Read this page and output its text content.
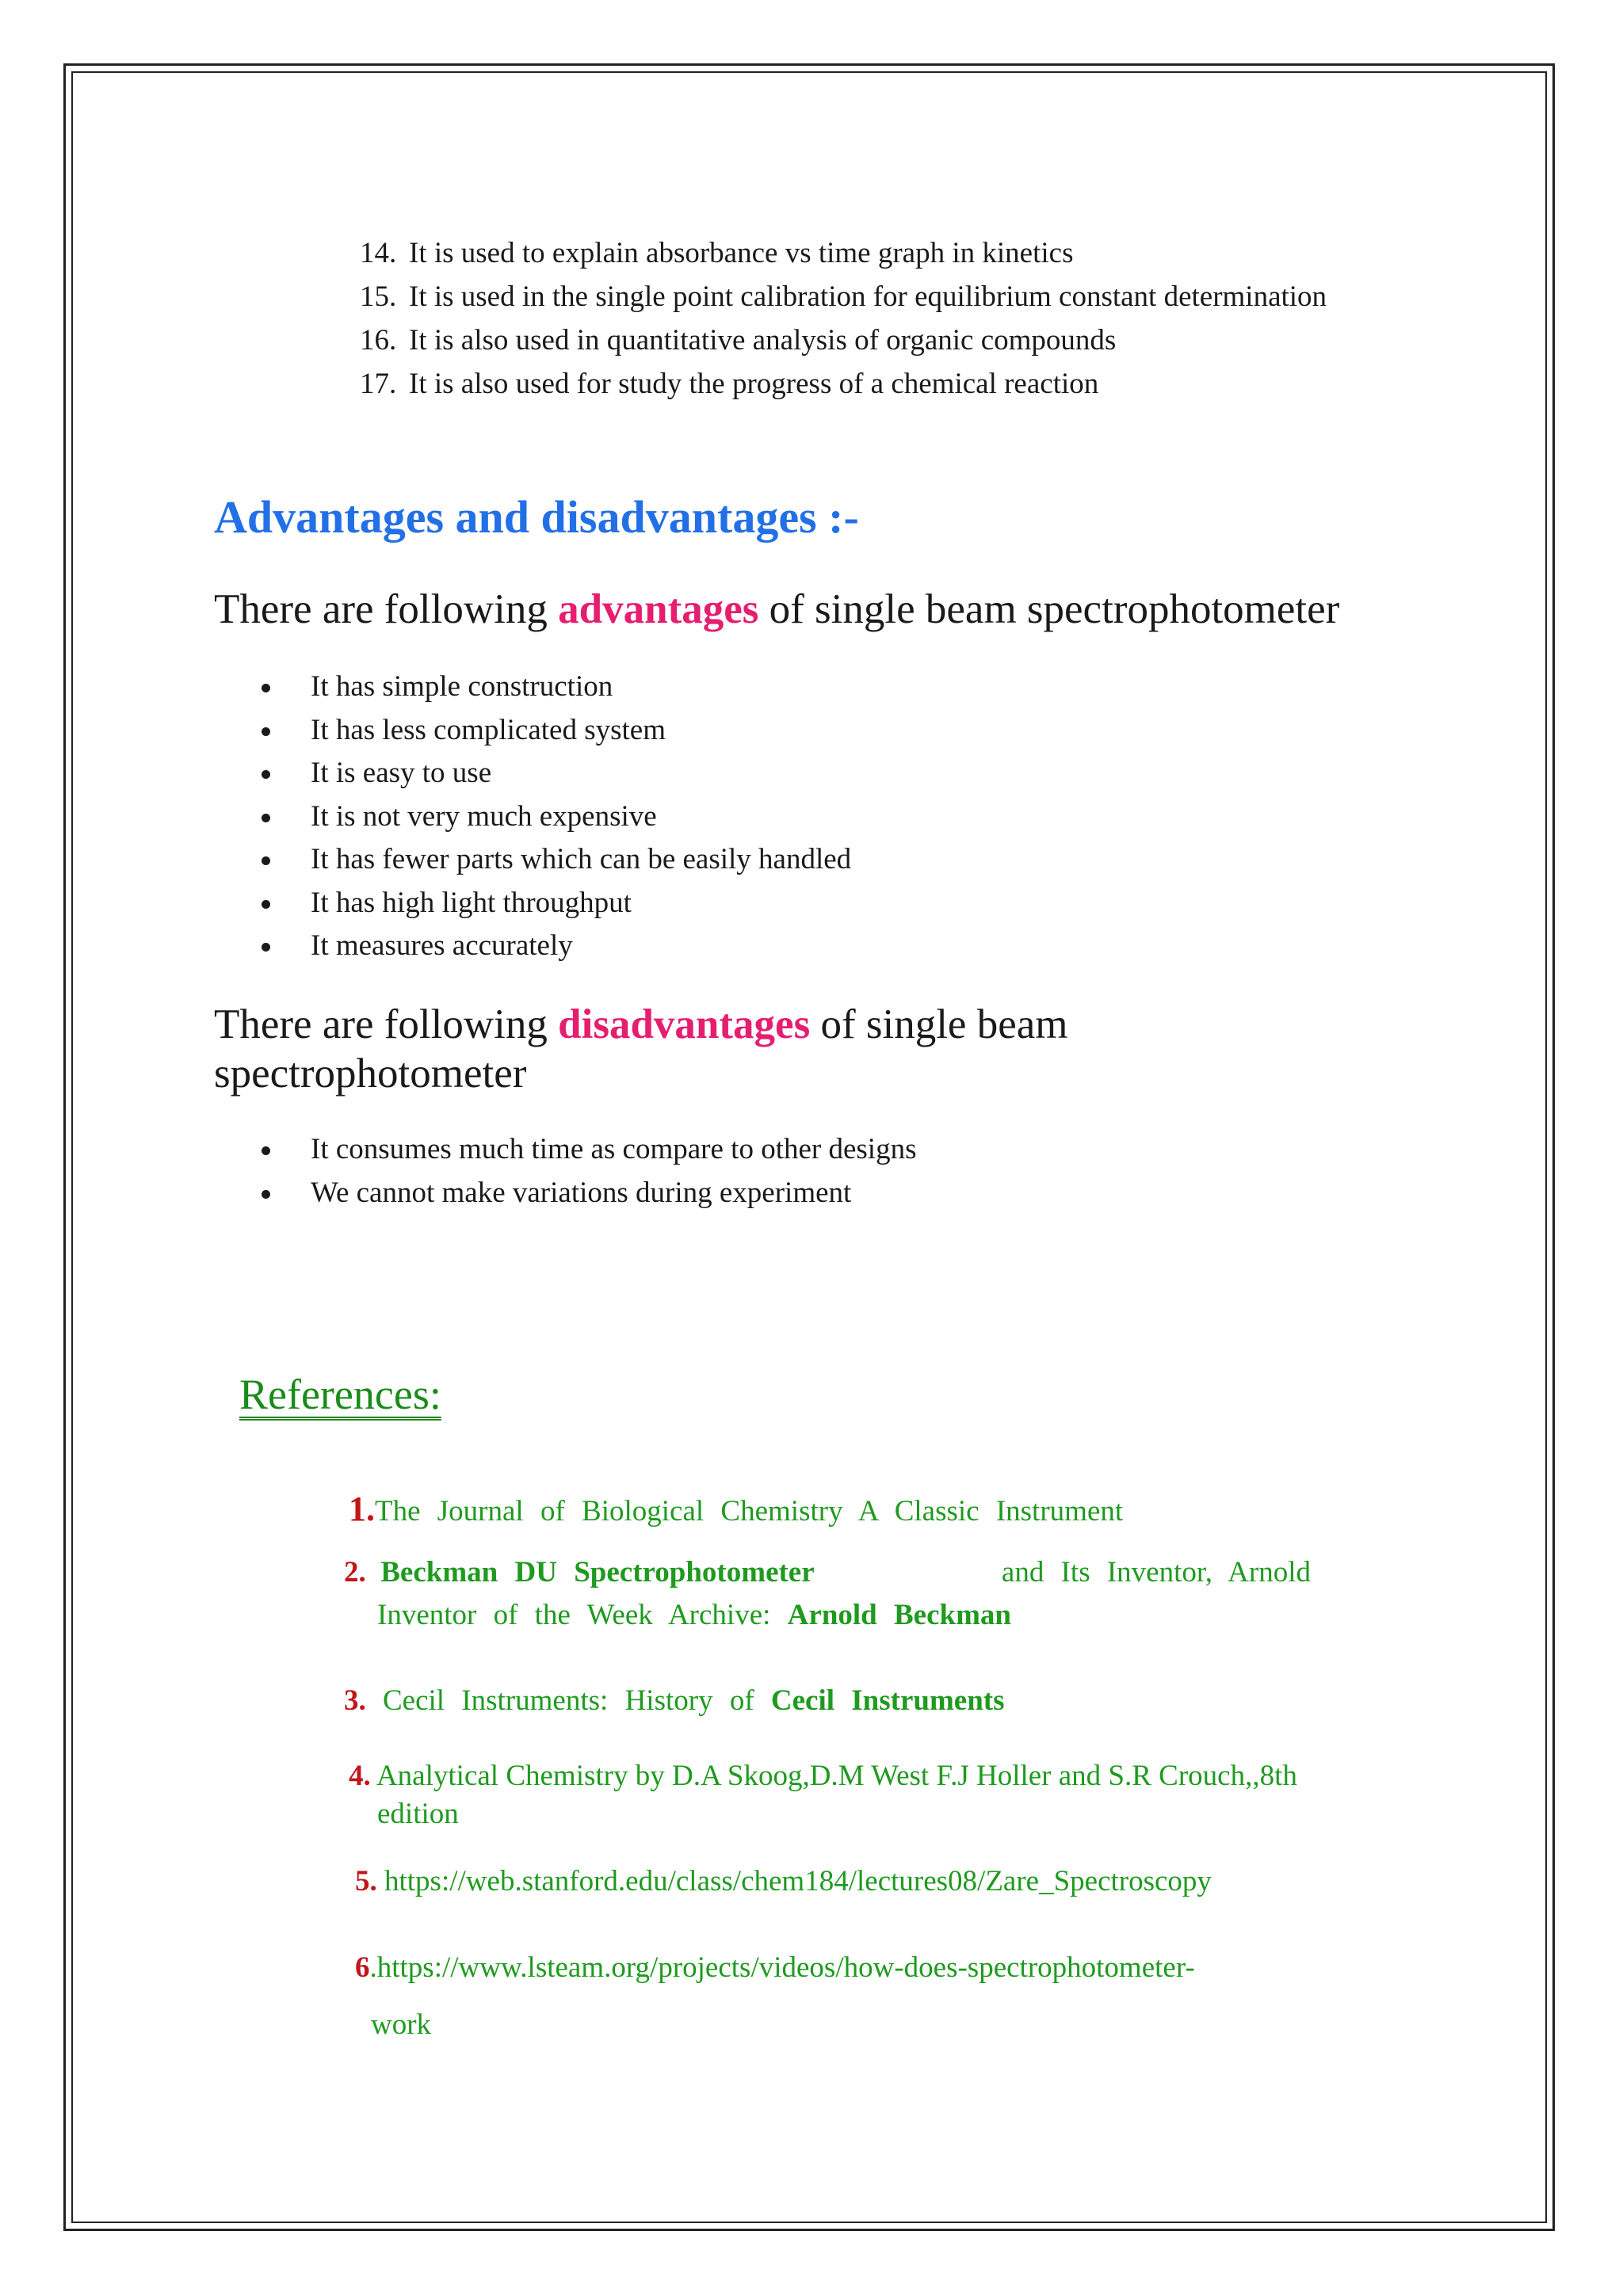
14. It is used to explain absorbance vs time graph in kinetics
15. It is used in the single point calibration for equilibrium constant determination
16. It is also used in quantitative analysis of organic compounds
17. It is also used for study the progress of a chemical reaction
Advantages and disadvantages :-

There are following advantages of single beam spectrophotometer

It has simple construction
It has less complicated system
It is easy to use
It is not very much expensive
It has fewer parts which can be easily handled
It has high light throughput
It measures accurately

There are following disadvantages of single beam spectrophotometer

It consumes much time as compare to other designs
We cannot make variations during experiment
References:
1.The Journal of Biological Chemistry A Classic Instrument
2. Beckman DU Spectrophotometer	and Its Inventor, Arnold
Inventor of the Week Archive: Arnold Beckman
3. Cecil Instruments: History of Cecil Instruments
4. Analytical Chemistry by D.A Skoog,D.M West F.J Holler and S.R Crouch,,8th
edition
5. https://web.stanford.edu/class/chem184/lectures08/Zare_Spectroscopy
6.https://www.lsteam.org/projects/videos/how-does-spectrophotometer-
work
